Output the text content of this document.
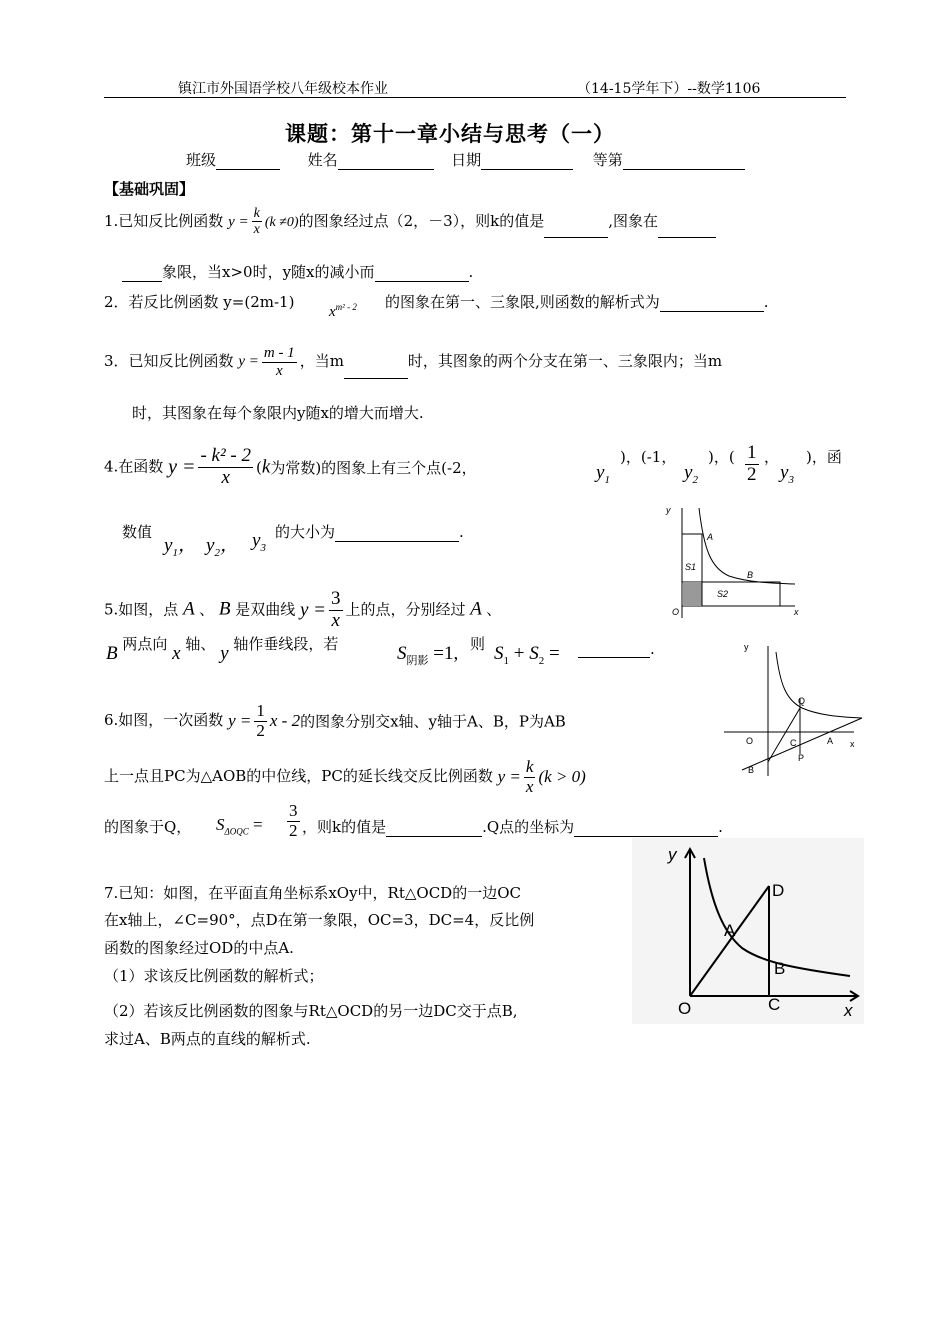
镇江市外国语学校八年级校本作业	（14-15学年下）--数学1106
课题：第十一章小结与思考（一）
班级	姓名	日期	等第
【基础巩固】
1.已知反比例函数 $y = \frac{k}{x} (k \ne 0)$的图象经过点（2，－3），则k的值是	,图象在
象限，当x>0时，y随x的减小而	.
2．若反比例函数 y=(2m-1)
$x^{m^2 - 2}$ 的图象在第一、三象限,则函数的解析式为	.
3．已知反比例函数 $y = \frac{m - 1}{x}$ ，当m	时，其图象的两个分支在第一、三象限内；当m
时，其图象在每个象限内y随x的增大而增大.
4.在函数 $y = \frac{\text{- k² - 2}}{x} (k$为常数)的图象上有三个点(-2，	$y_1$
)，(-1，
$y_2$
)，( $\frac{1}{2}$ ，
$y_3$
)，函
数值
$y_1$， $y_2$， $y_3$
的大小为	.
5.如图，点 A 、 B 是双曲线 $y = \frac{3}{x}$ 上的点，分别经过 A 、
B 两点向 x 轴、 y 轴作垂线段，若	$S_{阴影} =1$, 则 $S_1 + S_2$ =	.
6.如图，一次函数 $y = \frac{1}{2}$ x - 2的图象分别交x轴、y轴于A、B，P为AB
上一点且PC为△AOB的中位线，PC的延长线交反比例函数 $y = \frac{k}{x} (k > 0)$
的图象于Q， $S_{\Delta OQC} = \frac{3}{2}$ ，则k的值是	.Q点的坐标为	.
7.已知：如图，在平面直角坐标系xOy中，Rt△OCD的一边OC
在x轴上，∠C=90°，点D在第一象限，OC=3，DC=4，反比例
函数的图象经过OD的中点A.
（1）求该反比例函数的解析式；
（2）若该反比例函数的图象与Rt△OCD的另一边DC交于点B,
求过A、B两点的直线的解析式.
y
x
O
A
B
S1
S2
y
x
O	A
B
C
P
Q
y
x
O	C
D
A
B
